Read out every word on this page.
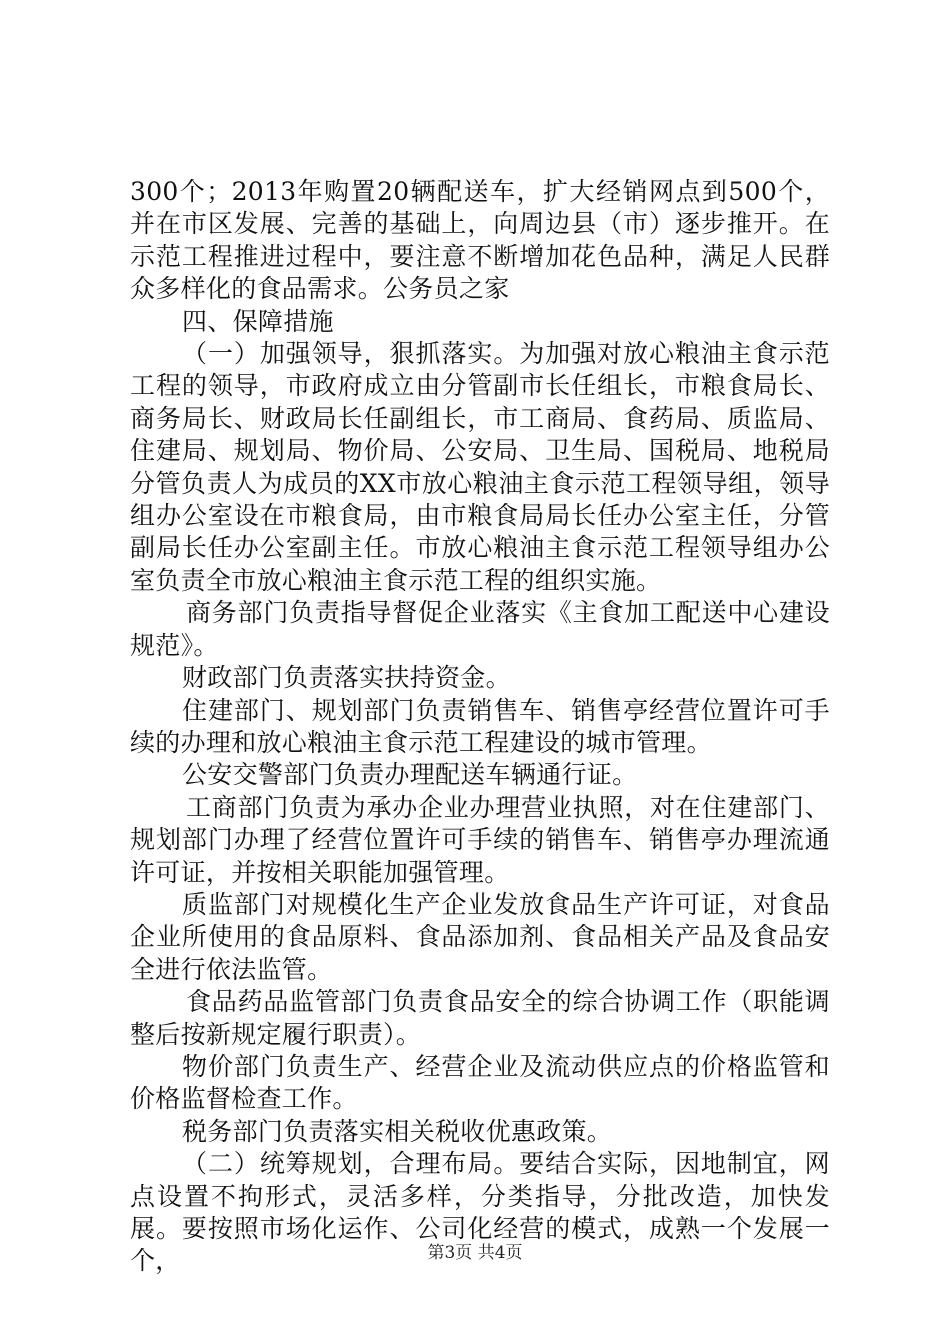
300个；2013年购置20辆配送车，扩大经销网点到500个，并在市区发展、完善的基础上，向周边县（市）逐步推开。在示范工程推进过程中，要注意不断增加花色品种，满足人民群众多样化的食品需求。公务员之家

四、保障措施

（一）加强领导，狠抓落实。为加强对放心粮油主食示范工程的领导，市政府成立由分管副市长任组长，市粮食局长、商务局长、财政局长任副组长，市工商局、食药局、质监局、住建局、规划局、物价局、公安局、卫生局、国税局、地税局分管负责人为成员的XX市放心粮油主食示范工程领导组，领导组办公室设在市粮食局，由市粮食局局长任办公室主任，分管副局长任办公室副主任。市放心粮油主食示范工程领导组办公室负责全市放心粮油主食示范工程的组织实施。

商务部门负责指导督促企业落实《主食加工配送中心建设规范》。

财政部门负责落实扶持资金。

住建部门、规划部门负责销售车、销售亭经营位置许可手续的办理和放心粮油主食示范工程建设的城市管理。

公安交警部门负责办理配送车辆通行证。

工商部门负责为承办企业办理营业执照，对在住建部门、规划部门办理了经营位置许可手续的销售车、销售亭办理流通许可证，并按相关职能加强管理。

质监部门对规模化生产企业发放食品生产许可证，对食品企业所使用的食品原料、食品添加剂、食品相关产品及食品安全进行依法监管。

食品药品监管部门负责食品安全的综合协调工作（职能调整后按新规定履行职责）。

物价部门负责生产、经营企业及流动供应点的价格监管和价格监督检查工作。

税务部门负责落实相关税收优惠政策。

（二）统筹规划，合理布局。要结合实际，因地制宜，网点设置不拘形式，灵活多样，分类指导，分批改造，加快发展。要按照市场化运作、公司化经营的模式，成熟一个发展一个，	第3页 共4页
